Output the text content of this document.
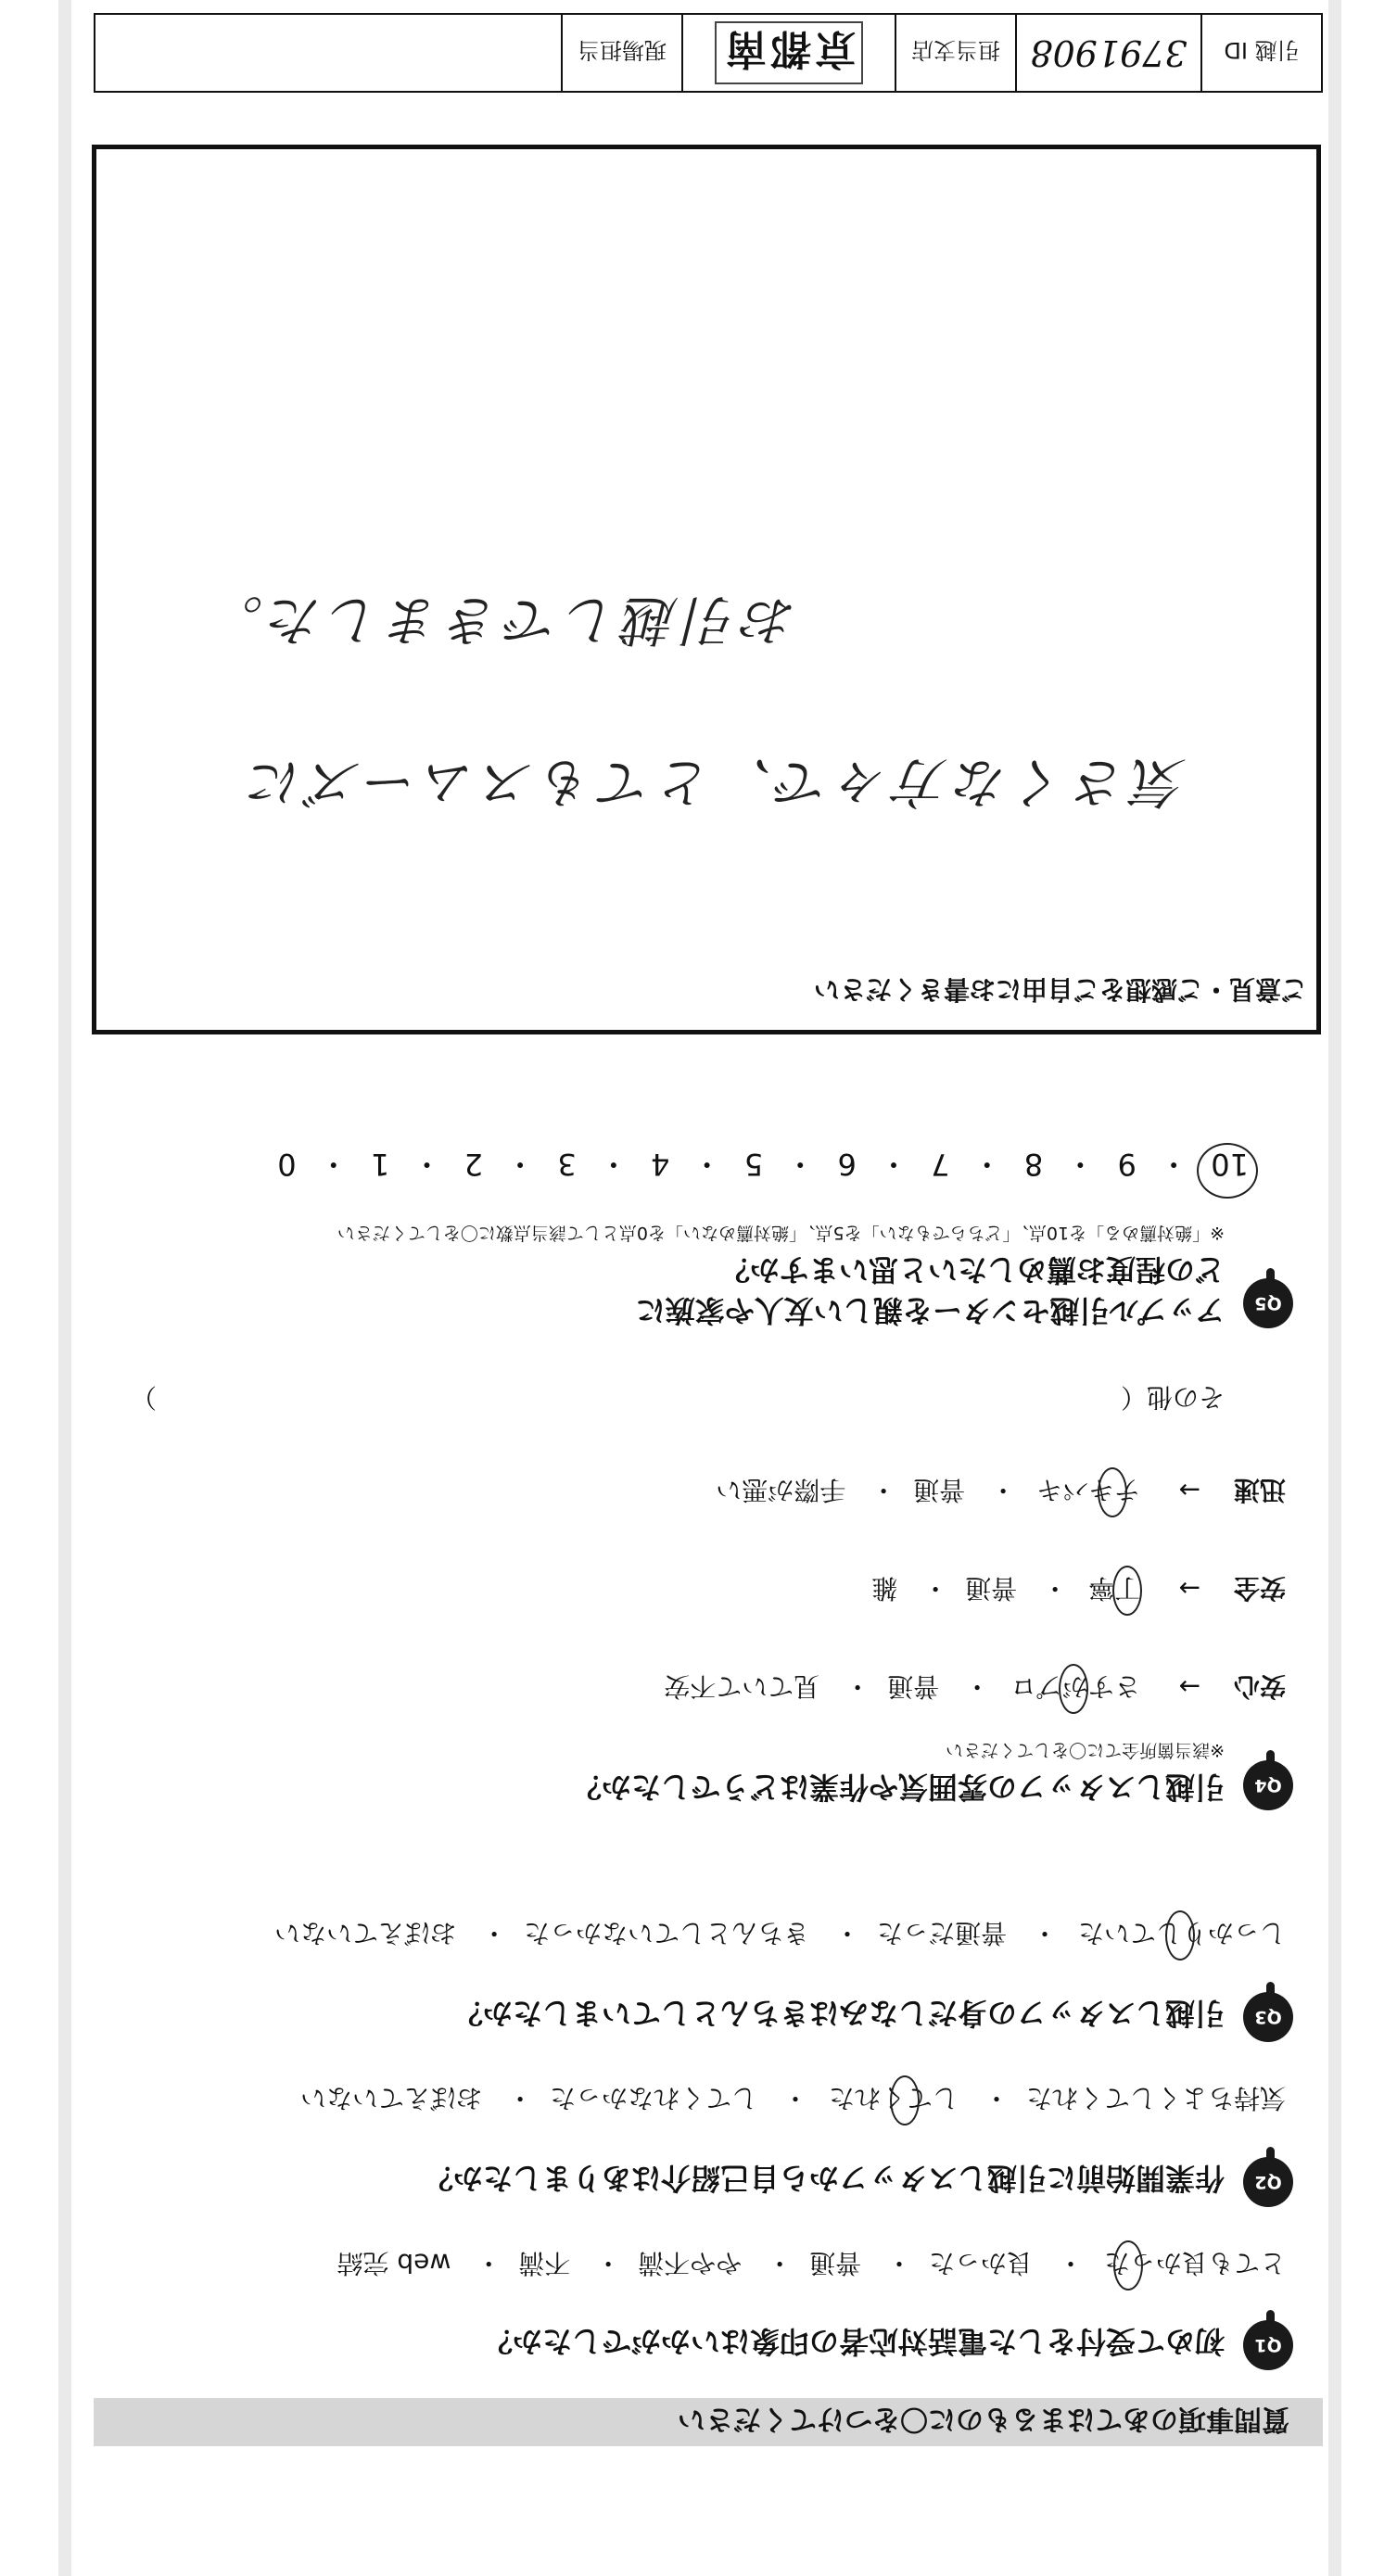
質問事項のあてはまるものに〇をつけてください
Q1
初めて受付をした電話対応者の印象はいかがでしたか？
とても良かった・ 良かった・ 普通・ やや不満・ 不満・ web 完結
Q2
作業開始前に引越しスタッフから自己紹介はありましたか？
気持ちよくしてくれた・ してくれた・ してくれなかった・ おぼえていない
Q3
引越しスタッフの身だしなみはきちんとしていましたか？
しっかりしていた・ 普通だった・ きちんとしていなかった・ おぼえていない
Q4
引越しスタッフの雰囲気や作業はどうでしたか？
※該当箇所全てに〇をしてください
安心→ さすがプロ・ 普通・ 見ていて不安
安全→ 丁寧・ 普通・ 雑
迅速→ テキパキ・ 普通・ 手際が悪い
その他（
）
Q5
アップル引越センターを親しい友人や家族に
どの程度お薦めしたいと思いますか？
※「絶対薦める」を10点、「どちらでもない」を5点、「絶対薦めない」を0点として該当点数に〇をしてください
10 ・ 9 ・ 8 ・ 7 ・ 6 ・ 5 ・ 4 ・ 3 ・ 2 ・ 1 ・ 0
ご意見・ご感想をご自由にお書きください
気さくな方々で、とてもスムーズに
お引越しできました。
引越 ID
3791908
担当支店
京都南
現場担当
